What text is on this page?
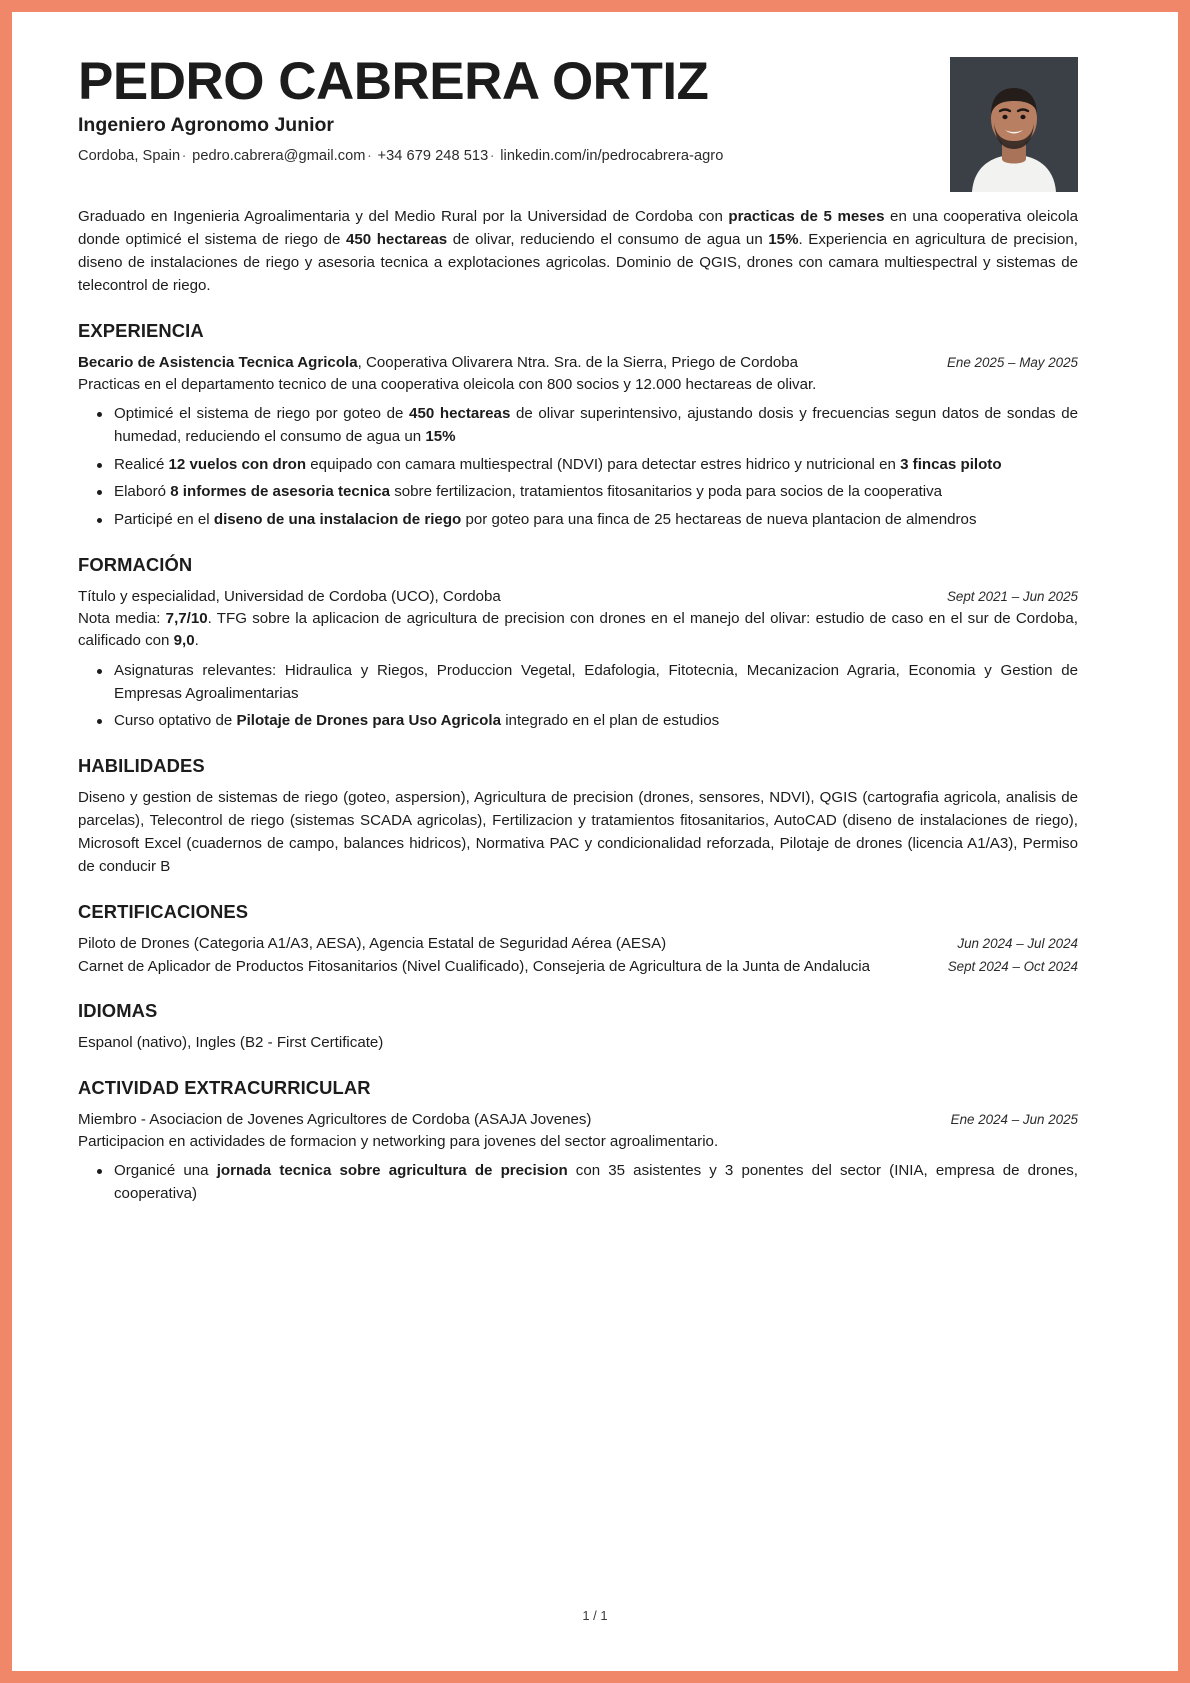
PEDRO CABRERA ORTIZ
Ingeniero Agronomo Junior
Cordoba, Spain · pedro.cabrera@gmail.com · +34 679 248 513 · linkedin.com/in/pedrocabrera-agro
Graduado en Ingenieria Agroalimentaria y del Medio Rural por la Universidad de Cordoba con practicas de 5 meses en una cooperativa oleicola donde optimicé el sistema de riego de 450 hectareas de olivar, reduciendo el consumo de agua un 15%. Experiencia en agricultura de precision, diseno de instalaciones de riego y asesoria tecnica a explotaciones agricolas. Dominio de QGIS, drones con camara multiespectral y sistemas de telecontrol de riego.
EXPERIENCIA
Becario de Asistencia Tecnica Agricola, Cooperativa Olivarera Ntra. Sra. de la Sierra, Priego de Cordoba	Ene 2025 – May 2025
Practicas en el departamento tecnico de una cooperativa oleicola con 800 socios y 12.000 hectareas de olivar.
Optimicé el sistema de riego por goteo de 450 hectareas de olivar superintensivo, ajustando dosis y frecuencias segun datos de sondas de humedad, reduciendo el consumo de agua un 15%
Realicé 12 vuelos con dron equipado con camara multiespectral (NDVI) para detectar estres hidrico y nutricional en 3 fincas piloto
Elaboró 8 informes de asesoria tecnica sobre fertilizacion, tratamientos fitosanitarios y poda para socios de la cooperativa
Participé en el diseno de una instalacion de riego por goteo para una finca de 25 hectareas de nueva plantacion de almendros
FORMACIÓN
Título y especialidad, Universidad de Cordoba (UCO), Cordoba	Sept 2021 – Jun 2025
Nota media: 7,7/10. TFG sobre la aplicacion de agricultura de precision con drones en el manejo del olivar: estudio de caso en el sur de Cordoba, calificado con 9,0.
Asignaturas relevantes: Hidraulica y Riegos, Produccion Vegetal, Edafologia, Fitotecnia, Mecanizacion Agraria, Economia y Gestion de Empresas Agroalimentarias
Curso optativo de Pilotaje de Drones para Uso Agricola integrado en el plan de estudios
HABILIDADES
Diseno y gestion de sistemas de riego (goteo, aspersion), Agricultura de precision (drones, sensores, NDVI), QGIS (cartografia agricola, analisis de parcelas), Telecontrol de riego (sistemas SCADA agricolas), Fertilizacion y tratamientos fitosanitarios, AutoCAD (diseno de instalaciones de riego), Microsoft Excel (cuadernos de campo, balances hidricos), Normativa PAC y condicionalidad reforzada, Pilotaje de drones (licencia A1/A3), Permiso de conducir B
CERTIFICACIONES
Piloto de Drones (Categoria A1/A3, AESA), Agencia Estatal de Seguridad Aérea (AESA)	Jun 2024 – Jul 2024
Carnet de Aplicador de Productos Fitosanitarios (Nivel Cualificado), Consejeria de Agricultura de la Junta de Andalucia	Sept 2024 – Oct 2024
IDIOMAS
Espanol (nativo), Ingles (B2 - First Certificate)
ACTIVIDAD EXTRACURRICULAR
Miembro - Asociacion de Jovenes Agricultores de Cordoba (ASAJA Jovenes)	Ene 2024 – Jun 2025
Participacion en actividades de formacion y networking para jovenes del sector agroalimentario.
Organicé una jornada tecnica sobre agricultura de precision con 35 asistentes y 3 ponentes del sector (INIA, empresa de drones, cooperativa)
1 / 1
